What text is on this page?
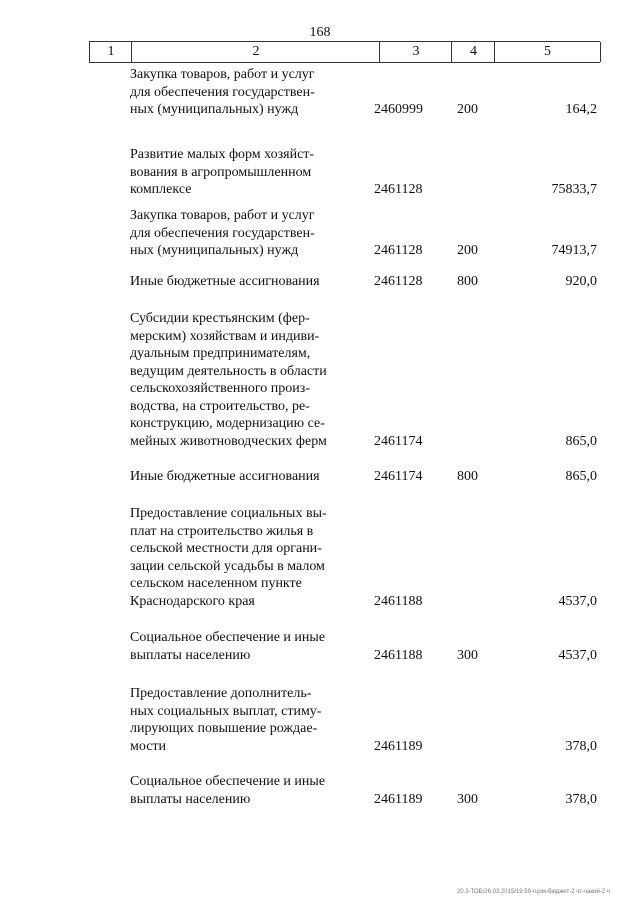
168
1	2	3	4	5
Закупка товаров, работ и услуг
для обеспечения государствен-
ных (муниципальных) нужд	2460999 200	164,2
Развитие малых форм хозяйст-
вования в агропромышленном
комплексе	2461128	75833,7
Закупка товаров, работ и услуг
для обеспечения государствен-
ных (муниципальных) нужд	2461128 200	74913,7
Иные бюджетные ассигнования	2461128 800	920,0
Субсидии крестьянским (фер-
мерским) хозяйствам и индиви-
дуальным предпринимателям,
ведущим деятельность в области
сельскохозяйственного произ-
водства, на строительство, ре-
конструкцию, модернизацию се-
мейных животноводческих ферм	2461174	865,0
Иные бюджетные ассигнования	2461174 800	865,0
Предоставление социальных вы-
плат на строительство жилья в
сельской местности для органи-
зации сельской усадьбы в малом
сельском населенном пункте
Краснодарского края	2461188	4537,0
Социальное обеспечение и иные
выплаты населению	2461188 300	4537,0
Предоставление дополнитель-
ных социальных выплат, стиму-
лирующих повышение рождае-
мости	2461189	378,0
Социальное обеспечение и иные
выплаты населению	2461189 300	378,0
20.3-ТОБ/26.03.2015/19.59-гцом-бюджет-2 чт-чакий-2 ч
